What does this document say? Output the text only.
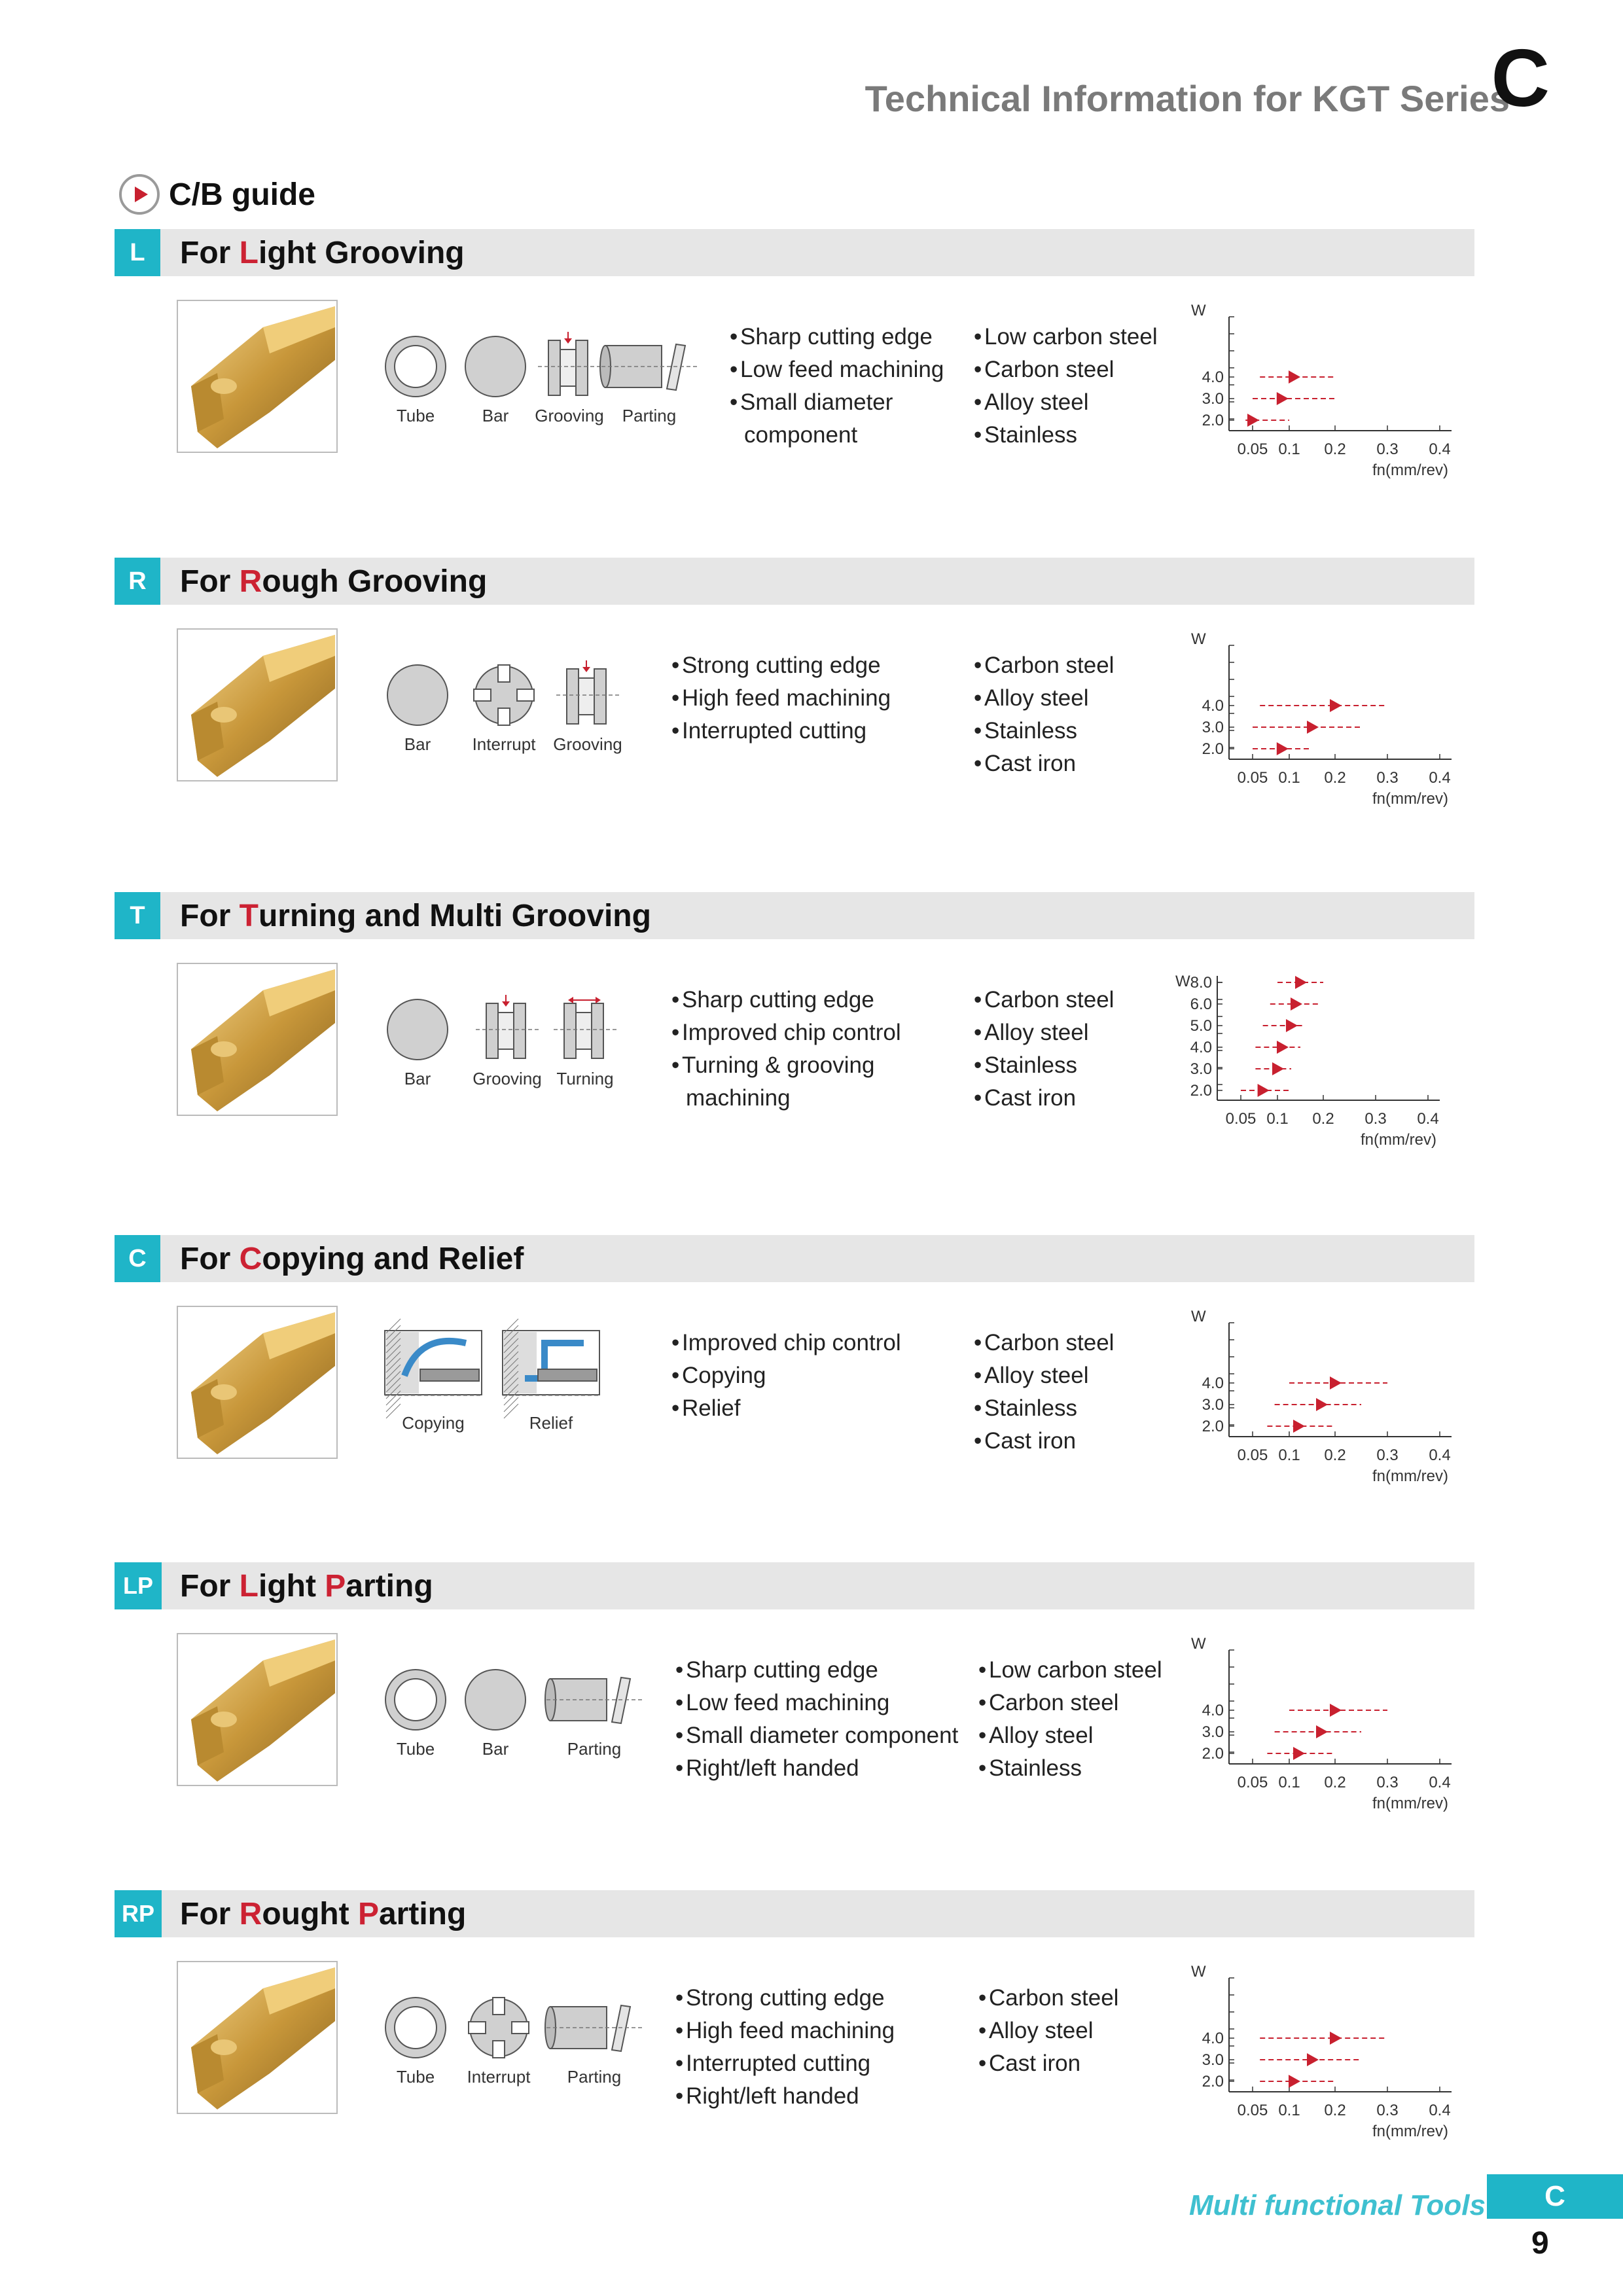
Technical Information for KGT Series
C
C/B guide
L	For L ight Grooving
Tube	Bar Grooving Parting
• Sharp cutting edge
• Low feed machining
• Small diameter
component
• Low carbon steel
• Carbon steel
• Alloy steel
• Stainless
W
0.05 0.1 0.2 0.3 0.4
fn(mm/rev)
4.0
3.0
2.0
R	For R ough Grooving
Bar Interrupt Grooving
• Strong cutting edge
• High feed machining
• Interrupted cutting
• Carbon steel
• Alloy steel
• Stainless
• Cast iron
W
0.05 0.1 0.2 0.3 0.4
fn(mm/rev)
4.0
3.0
2.0
T	For T urning and Multi Grooving
Bar Grooving Turning
• Sharp cutting edge
• Improved chip control
• Turning & grooving
machining
• Carbon steel
• Alloy steel
• Stainless
• Cast iron
W
0.05 0.1 0.2 0.3 0.4
fn(mm/rev)
8.0
6.0
5.0
4.0
3.0
2.0
C	For C opying and Relief
Copying	Relief
• Improved chip control
• Copying
• Relief
• Carbon steel
• Alloy steel
• Stainless
• Cast iron
W
0.05 0.1 0.2 0.3 0.4
fn(mm/rev)
4.0
3.0
2.0
LP For L ight P arting
Tube	Bar	Parting
• Sharp cutting edge
• Low feed machining
• Small diameter component
• Right/left handed
• Low carbon steel
• Carbon steel
• Alloy steel
• Stainless
W
0.05 0.1 0.2 0.3 0.4
fn(mm/rev)
4.0
3.0
2.0
RP For R ought P arting
Tube Interrupt Parting
• Strong cutting edge
• High feed machining
• Interrupted cutting
• Right/left handed
• Carbon steel
• Alloy steel
• Cast iron
W
0.05 0.1 0.2 0.3 0.4
fn(mm/rev)
4.0
3.0
2.0
Multi functional Tools	C
9
